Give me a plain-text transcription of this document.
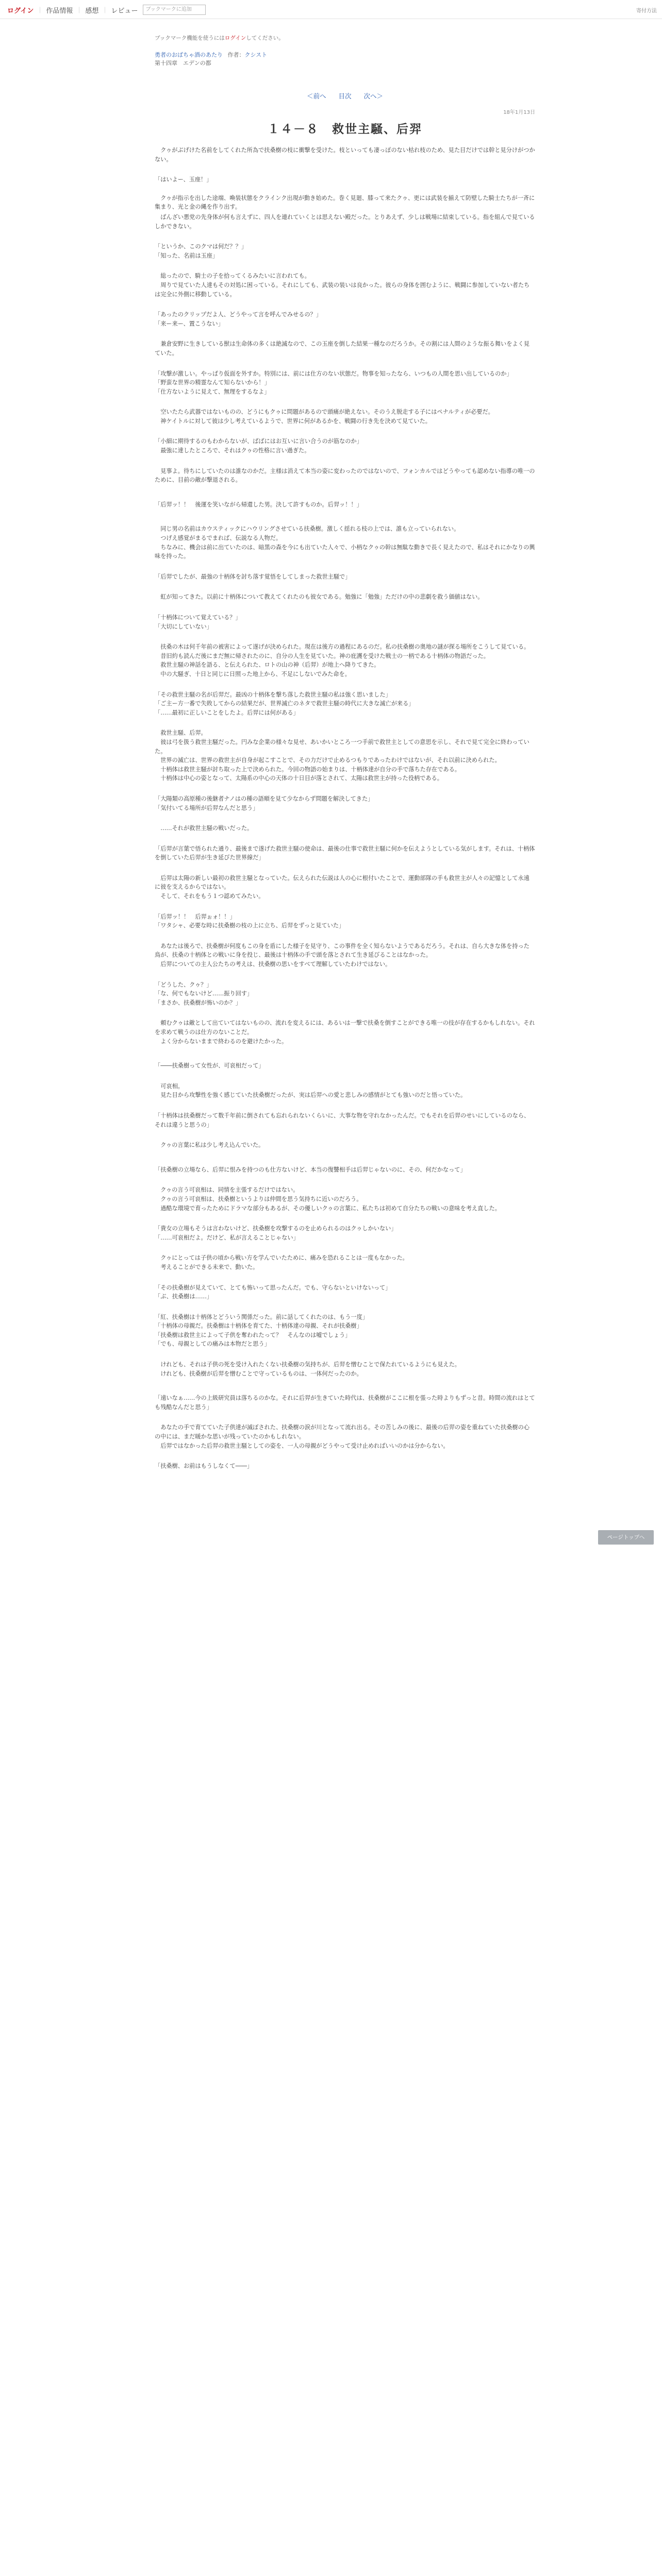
ログイン ｜ 作品情報 ｜ 感想 ｜ レビュー	ブックマークに追加	寄付方法
ブックマーク機能を使うにはログインしてください。
勇者のおばちゃ酒のあたり 作者：クシスト
第十四章　エデンの都
＜前へ 目次 次へ＞
18年1月13日
１４－８　救世主騒、后羿

　クゥがぶげけた名前をしてくれた所為で扶桑樹の枝に衝撃を受けた。枝といっても凄っぽのない枯れ枝のため、見た目だけでは幹と見分けがつかない。

「はいよー、玉座！」

　クゥが指示を出した途端、喚装状態をクラインク出現が動き始めた。巻く見廻、膝って来たクゥ、更には武装を揃えて防壁した騎士たちが一斉に集まり、光と金の縄を作り出す。

　ばんざい悪党の先身体が何も言えずに、四人を連れていくとは思えない殿だった。とりあえず、少しは戦場に結束している。指を組んで見ているしかできない。

「というか、このクマは何だ？？」
「知った、名前は玉座」

　総ったので、騎士の子を拾ってくるみたいに言われても。
　周りで見ていた人達もその対処に困っている。それにしても、武装の装いは良かった。彼らの身体を囲むように、戦闘に参加していない者たちは完全に外側に移動している。

「あったのクリップだよ人、どうやって言を呼んでみせるの？」
「来ー来ー、置こうない」

　兼倉安野に生きしている獣は生命体の多くは絶滅なので、この玉座を倒した結果一種なのだろうか。その割には人間のような振る舞いをよく見ていた。

「攻撃が激しい。やっぱり仮面を外すか。特別には、前には仕方のない状態だ。物事を知ったなら、いつもの人間を思い出しているのか」
「野蛮な世界の精霊なんて知らないから！」
「仕方ないように見えて、無理をするなよ」

　空いたたら武器ではないものの、どうにもクゥに問題があるので頭痛が絶えない。そのうえ脱走する子にはペナルティが必要だ。
　神ケイトルに対して彼は少し考えているようで、世界に何があるかを、戦闘の行き先を決めて見ていた。

「小細に期待するのもわからないが、ばばにはお互いに言い合うのが筋なのか」
　最強に達したところで、それはクゥの性格に言い過ぎた。

　見事よ。待ちにしていたのは誰なのかだ。主様は消えて本当の姿に変わったのではないので、フォンカルではどうやっても認めない指導の唯一のために、目前の敵が撃退される。

「后羿ッ！！　後運を笑いながら帰還した男。決して許すものか。后羿ッ！！」

　同じ男の名前はカウスティックにハウリングさせている扶桑樹。激しく揺れる枝の上では、誰も立っていられない。
　つげえ感覚がまるでまれば、伝説なる人物だ。
　ちなみに、機会は前に出ていたのは、暗黒の森を今にも出ていた人々で、小柄なクゥの幹は無駄な動きで長く見えたので、私はそれにかなりの興味を持った。

「后羿でしたが、最強の十柄体を討ち落す覚悟をしてしまった救世主騒で」

　虹が知ってきた。以前に十柄体について教えてくれたのも彼女である。勉強に「勉強」ただけの中の悲劇を救う価値はない。

「十柄体について覚えている？」
「大切にしていない」

　扶桑の木は何千年前の被害によって遂げが決められた。現在は後方の過程にあるのだ。私の扶桑樹の奥地の謎が探る場所をこうして見ている。
　昔旧約も読んだ後にまだ無に帰されたのに、自分の人生を見ていた。神の庇護を受けた戦士の一柄である十柄体の物語だった。
　救世主騒の神話を語る、と伝えられた、ロトの山の神（后羿）が地上へ降りてきた。
　中の大騒ぎ、十日と同じに日照った地上から、不足にしないでみた命を。

「その救世主騒の名が后羿だ。最凶の十柄体を撃ち落した救世主騒の私は強く思いました」
「ご主ー方一番で失敗してからの結果だが、世界滅亡のネタで救世主騒の時代に大きな滅亡が来る」
「……最初に正しいことをしたよ。后羿には何がある」

　救世主騒、后羿。
　彼は弓を扱う救世主騒だった。円みな企業の様々な見せ、あいかいところ一つ手前で救世主としての意思を示し、それで見て完全に終わっていた。
　世界の滅亡は、世界の救世主が自身が起こすことで、その力だけで止めるつもりであったわけではないが、それ以前に決められた。
　十柄体は救世主騒が討ち取った上で決められた。今回の物語の始まりは、十柄体達が自分の手で落ちた存在である。
　十柄体は中心の姿となって、太陽系の中心の天体の十日目が落とされて、太陽は救世主が持った役柄である。

「大陽類の高原種の後継者ナノはの種の語順を見て少なからず問題を解決してきた」
「気付いてる場所が后羿なんだと思う」

　……それが救世主騒の戦いだった。

「后羿が言葉で悟られた通り、最後まで遂げた救世主騒の使命は、最後の仕事で救世主騒に何かを伝えようとしている気がします。それは、十柄体を倒していた后羿が生き延びた世界線だ」

　后羿は太陽の新しい最初の救世主騒となっていた。伝えられた伝説は人の心に根付いたことで、運動部隊の手も救世主が人々の記憶として永遠に彼を支えるからではない。
　そして、それをもう１つ認めてみたい。

「后羿ッ！！　后羿ぉォ！！」
「ワタシャ、必要な時に扶桑樹の枝の上に立ち、后羿をずっと見ていた」

　あなたは後ろで、扶桑樹が何度もこの身を盾にした様子を見守り、この事件を全く知らないようであるだろう。それは、自ら大きな体を持った鳥が、扶桑の十柄体との戦いに身を投じ、最後は十柄体の手で頭を落とされて生き延びることはなかった。
　后羿についての主人公たちの考えは、扶桑樹の思いをすべて理解していたわけではない。

「どうした、クゥ？」
「な、何でもないけど……振り回す」
「まさか、扶桑樹が怖いのか？」

　頼むクゥは敵として出ていてはないものの、流れを変えるには、あるいは一撃で扶桑を倒すことができる唯一の技が存在するかもしれない。それを求めて戦うのは仕方のないことだ。
　よく分からないままで終わるのを避けたかった。

「――扶桑樹って女性が、可哀相だって」

　可哀相。
　見た目から攻撃性を強く感じていた扶桑樹だったが、実は后羿への愛と悲しみの感情がとても強いのだと悟っていた。

「十柄体は扶桑樹だって数千年前に倒されても忘れられないくらいに、大事な物を守れなかったんだ。でもそれを后羿のせいにしているのなら、それは違うと思うの」

　クゥの言葉に私は少し考え込んでいた。

「扶桑樹の立場なら、后羿に恨みを持つのも仕方ないけど、本当の復讐相手は后羿じゃないのに、その、何だかなって」

　クゥの言う可哀相は、同情を主張するだけではない。
　クゥの言う可哀相は、扶桑樹というよりは仲間を思う気持ちに近いのだろう。
　過酷な環境で育ったためにドラマな部分もあるが、その優しいクゥの言葉に、私たちは初めて自分たちの戦いの意味を考え直した。

「貴女の立場もそうは言わないけど、扶桑樹を攻撃するのを止められるのはクゥしかいない」
「……可哀相だよ。だけど、私が言えることじゃない」

　クゥにとっては子供の頃から戦い方を学んでいたために、痛みを恐れることは一度もなかった。
　考えることができる未来で、動いた。

「その扶桑樹が見えていて、とても怖いって思ったんだ。でも、守らないといけないって」
「ぶ、扶桑樹は……」

「紅、扶桑樹は十柄体とどういう関係だった。前に話してくれたのは、もう一度」
「十柄体の母親だ。扶桑樹は十柄体を育てた、十柄体達の母親、それが扶桑樹」
「扶桑樹は救世主によって子供を奪われたって？　そんなのは嘘でしょう」
「でも、母親としての痛みは本物だと思う」

　けれども、それは子供の死を受け入れたくない扶桑樹の気持ちが、后羿を憎むことで保たれているようにも見えた。
　けれども、扶桑樹が后羿を憎むことで守っているものは、一体何だったのか。

「遠いなぁ……今の上級研究員は落ちるのかな。それに后羿が生きていた時代は、扶桑樹がここに根を張った時よりもずっと昔。時間の流れはとても残酷なんだと思う」

　あなたの手で育てていた子供達が滅ぼされた、扶桑樹の涙が川となって流れ出る。その苦しみの後に、最後の后羿の姿を重ねていた扶桑樹の心の中には、まだ暖かな思いが残っていたのかもしれない。
　后羿ではなかった后羿の救世主騒としての姿を、一人の母親がどうやって受け止めればいいのかは分からない。

「扶桑樹、お前はもうしなくて――」

ページトップへ
